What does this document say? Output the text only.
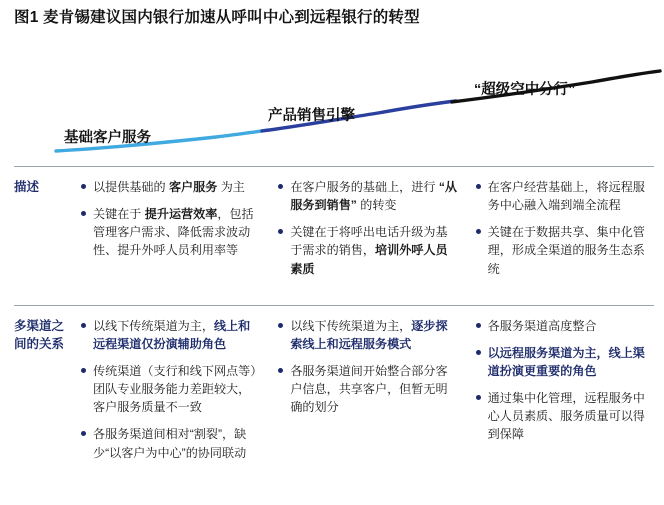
图1 麦肯锡建议国内银行加速从呼叫中心到远程银行的转型
基础客户服务
产品销售引擎
“超级空中分行”
描述	以提供基础的 客户服务 为主
关键在于 提升运营效率，包括管理客户需求、降低需求波动性、提升外呼人员利用率等
在客户服务的基础上，进行 “从服务到销售” 的转变
关键在于将呼出电话升级为基于需求的销售，培训外呼人员素质
在客户经营基础上，将远程服务中心融入端到端全流程
关键在于数据共享、集中化管理，形成全渠道的服务生态系统
多渠道之间的关系
以线下传统渠道为主，线上和远程渠道仅扮演辅助角色
传统渠道（支行和线下网点等）团队专业服务能力差距较大，客户服务质量不一致
各服务渠道间相对“割裂”，缺少“以客户为中心”的协同联动
以线下传统渠道为主，逐步探索线上和远程服务模式
各服务渠道间开始整合部分客户信息，共享客户，但暂无明确的划分
各服务渠道高度整合
以远程服务渠道为主，线上渠道扮演更重要的角色
通过集中化管理，远程服务中心人员素质、服务质量可以得到保障
